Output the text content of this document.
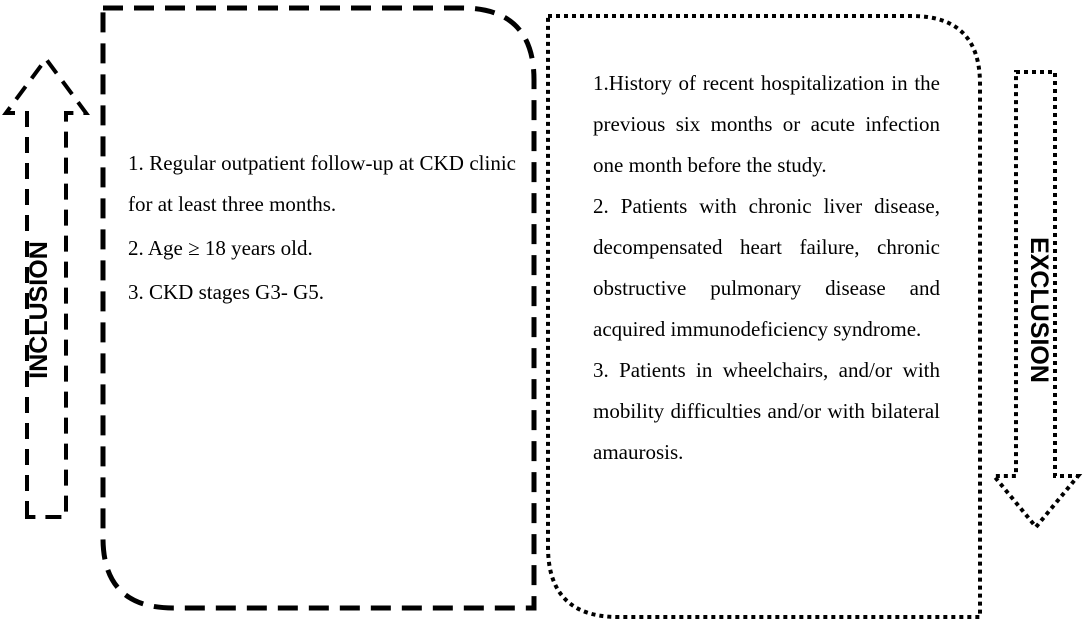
INCLUSION	EXCLUSION

1. Regular outpatient follow-up at CKD clinic for at least three months.

2. Age ≥ 18 years old.

3. CKD stages G3- G5.

1.History of recent hospitalization in the previous six months or acute infection one month before the study.

2. Patients with chronic liver disease, decompensated heart failure, chronic obstructive pulmonary disease and acquired immunodeficiency syndrome.

3. Patients in wheelchairs, and/or with mobility difficulties and/or with bilateral amaurosis.
